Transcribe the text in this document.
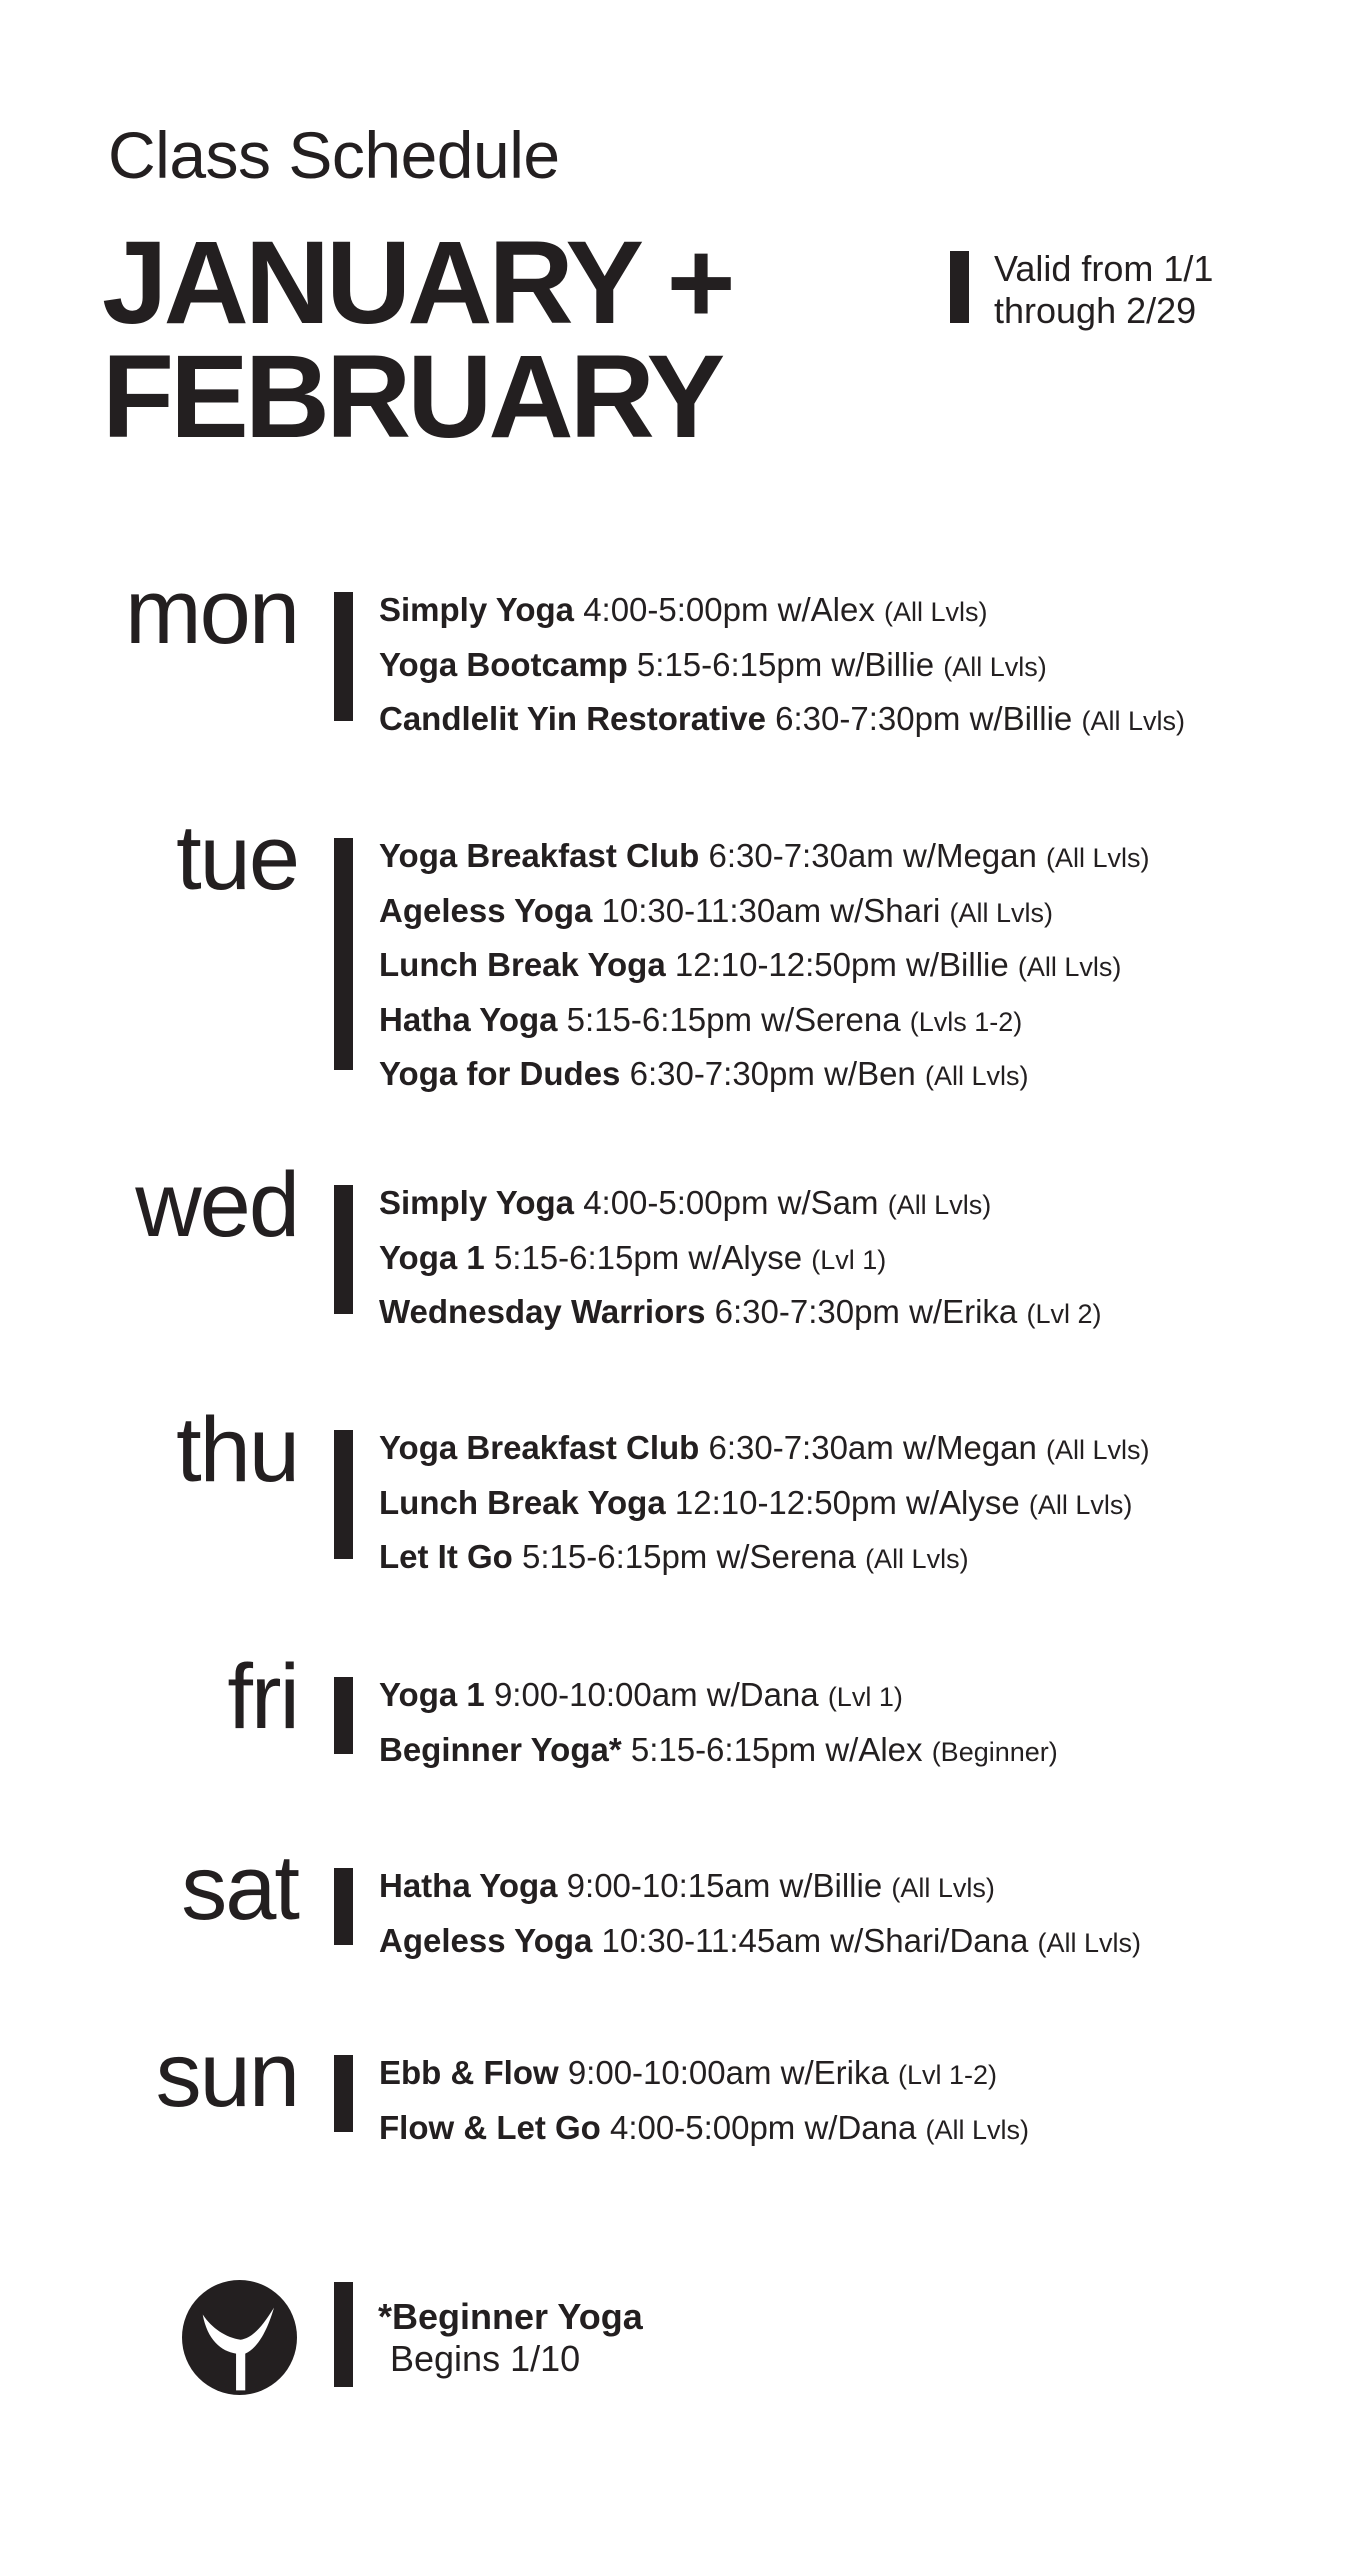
Class Schedule
JANUARY +
FEBRUARY
Valid from 1/1
through 2/29
mon Simply Yoga 4:00-5:00pm w/Alex (All Lvls)
Yoga Bootcamp 5:15-6:15pm w/Billie (All Lvls)
Candlelit Yin Restorative 6:30-7:30pm w/Billie (All Lvls)
tue Yoga Breakfast Club 6:30-7:30am w/Megan (All Lvls)
Ageless Yoga 10:30-11:30am w/Shari (All Lvls)
Lunch Break Yoga 12:10-12:50pm w/Billie (All Lvls)
Hatha Yoga 5:15-6:15pm w/Serena (Lvls 1-2)
Yoga for Dudes 6:30-7:30pm w/Ben (All Lvls)
wed Simply Yoga 4:00-5:00pm w/Sam (All Lvls)
Yoga 1 5:15-6:15pm w/Alyse (Lvl 1)
Wednesday Warriors 6:30-7:30pm w/Erika (Lvl 2)
thu Yoga Breakfast Club 6:30-7:30am w/Megan (All Lvls)
Lunch Break Yoga 12:10-12:50pm w/Alyse (All Lvls)
Let It Go 5:15-6:15pm w/Serena (All Lvls)
fri Yoga 1 9:00-10:00am w/Dana (Lvl 1)
Beginner Yoga* 5:15-6:15pm w/Alex (Beginner)
sat Hatha Yoga 9:00-10:15am w/Billie (All Lvls)
Ageless Yoga 10:30-11:45am w/Shari/Dana (All Lvls)
sun Ebb & Flow 9:00-10:00am w/Erika (Lvl 1-2)
Flow & Let Go 4:00-5:00pm w/Dana (All Lvls)
*Beginner Yoga
Begins 1/10
